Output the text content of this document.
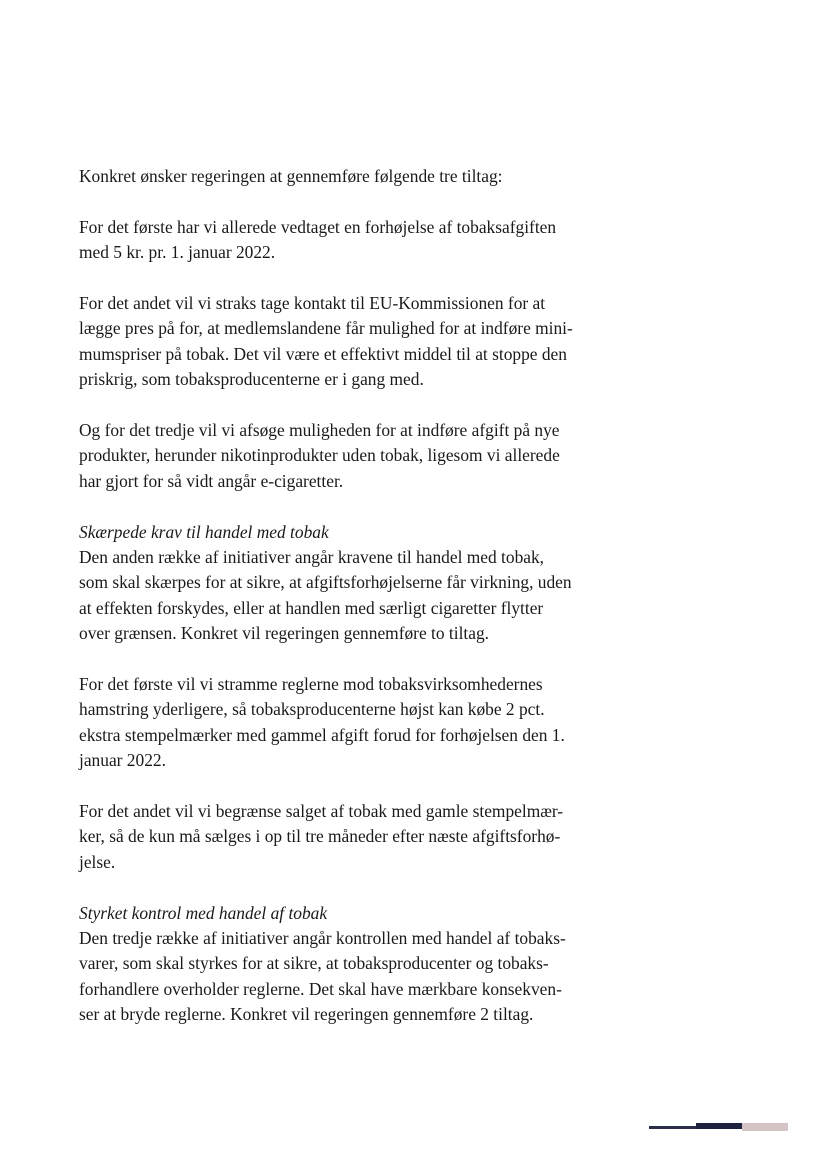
Konkret ønsker regeringen at gennemføre følgende tre tiltag:

For det første har vi allerede vedtaget en forhøjelse af tobaksafgiften
med 5 kr. pr. 1. januar 2022.

For det andet vil vi straks tage kontakt til EU-Kommissionen for at
lægge pres på for, at medlemslandene får mulighed for at indføre mini-
mumspriser på tobak. Det vil være et effektivt middel til at stoppe den
priskrig, som tobaksproducenterne er i gang med.

Og for det tredje vil vi afsøge muligheden for at indføre afgift på nye
produkter, herunder nikotinprodukter uden tobak, ligesom vi allerede
har gjort for så vidt angår e-cigaretter.

Skærpede krav til handel med tobak

Den anden række af initiativer angår kravene til handel med tobak,
som skal skærpes for at sikre, at afgiftsforhøjelserne får virkning, uden
at effekten forskydes, eller at handlen med særligt cigaretter flytter
over grænsen. Konkret vil regeringen gennemføre to tiltag.

For det første vil vi stramme reglerne mod tobaksvirksomhedernes
hamstring yderligere, så tobaksproducenterne højst kan købe 2 pct.
ekstra stempelmærker med gammel afgift forud for forhøjelsen den 1.
januar 2022.

For det andet vil vi begrænse salget af tobak med gamle stempelmær-
ker, så de kun må sælges i op til tre måneder efter næste afgiftsforhø-
jelse.

Styrket kontrol med handel af tobak

Den tredje række af initiativer angår kontrollen med handel af tobaks-
varer, som skal styrkes for at sikre, at tobaksproducenter og tobaks-
forhandlere overholder reglerne. Det skal have mærkbare konsekven-
ser at bryde reglerne. Konkret vil regeringen gennemføre 2 tiltag.
